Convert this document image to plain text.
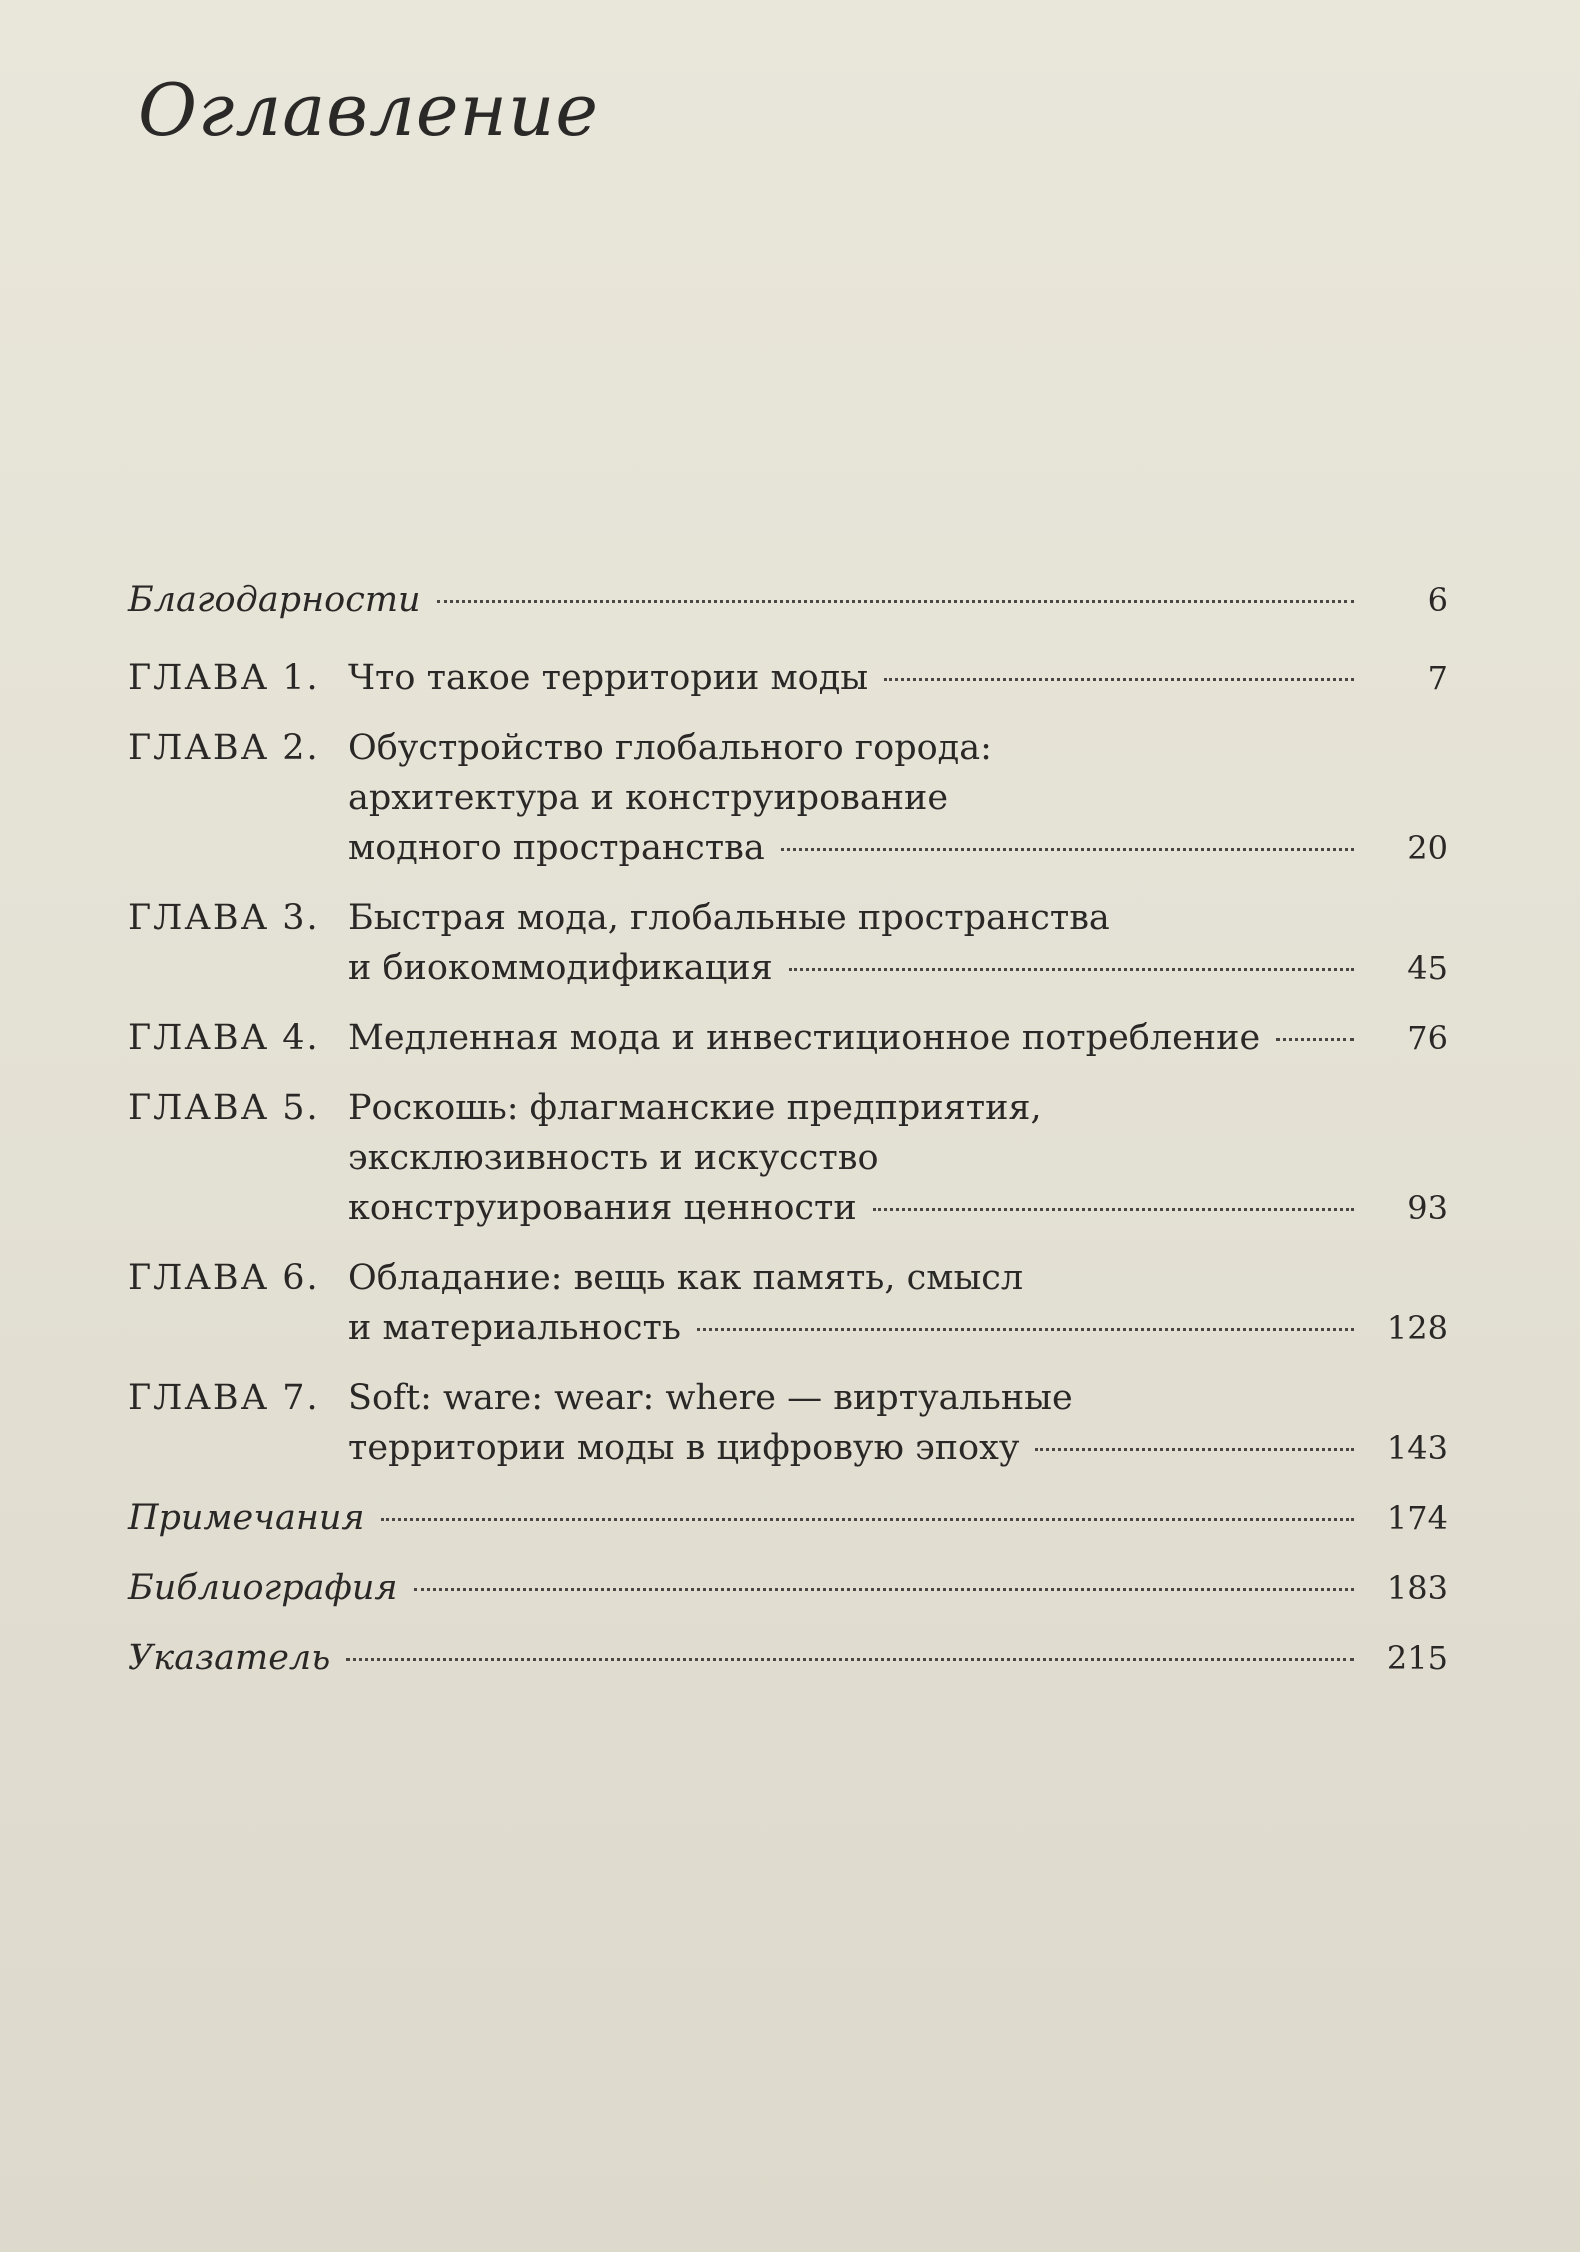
Оглавление
Благодарности	6
ГЛАВА 1. Что такое территории моды	7
ГЛАВА 2. Обустройство глобального города:
архитектура и конструирование
модного пространства	20
ГЛАВА 3. Быстрая мода, глобальные пространства
и биокоммодификация	45
ГЛАВА 4. Медленная мода и инвестиционное потребление	76
ГЛАВА 5. Роскошь: флагманские предприятия,
эксклюзивность и искусство
конструирования ценности	93
ГЛАВА 6. Обладание: вещь как память, смысл
и материальность	128
ГЛАВА 7. Soft: ware: wear: where — виртуальные
территории моды в цифровую эпоху	143
Примечания	174
Библиография	183
Указатель	215
